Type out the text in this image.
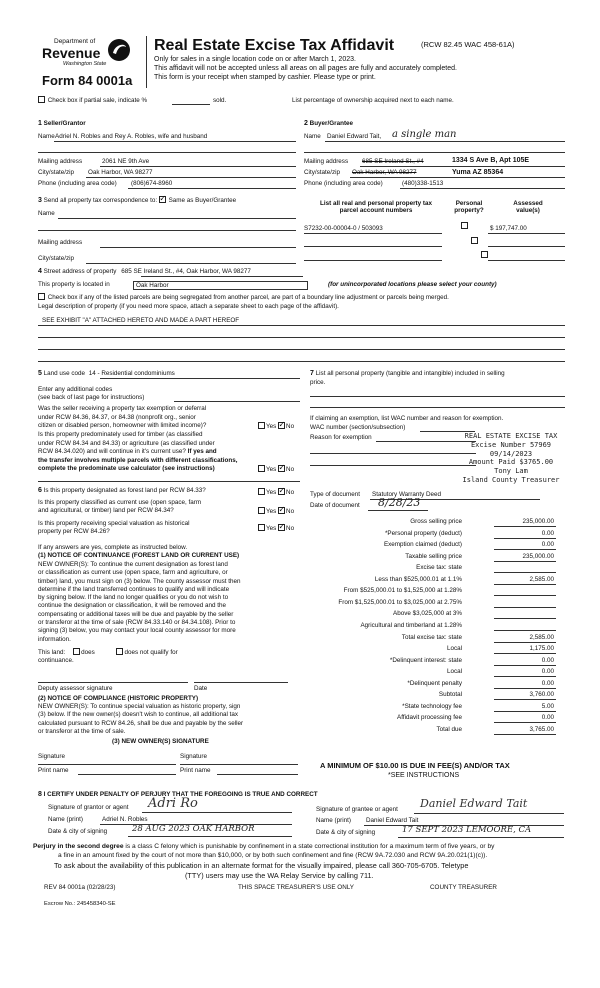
Department of
Revenue
Washington State
Form 84 0001a
Real Estate Excise Tax Affidavit	(RCW 82.45 WAC 458-61A)
Only for sales in a single location code on or after March 1, 2023.
This affidavit will not be accepted unless all areas on all pages are fully and accurately completed.
This form is your receipt when stamped by cashier. Please type or print.
Check box if partial sale, indicate %	sold.	List percentage of ownership acquired next to each name.
1 Seller/Grantor
Name Adriel N. Robles and Rey A. Robles, wife and husband
Mailing address	2061 NE 9th Ave
City/state/zip Oak Harbor, WA 98277
Phone (including area code) (806)674-8960
2 Buyer/Grantee
Name Daniel Edward Tait, a single man
Mailing address 685 SE Ireland St., #4	1334 S Ave B, Apt 105E
City/state/zip Oak Harbor, WA 98277	Yuma AZ 85364
Phone (including area code)	(480)338-1513
3 Send all property tax correspondence to: ✓ Same as Buyer/Grantee
Name
Mailing address
City/state/zip
List all real and personal property tax
parcel account numbers
Personal
property?
Assessed
value(s)
S7232-00-00004-0 / 503093
	$ 197,747.00
4 Street address of property 685 SE Ireland St., #4, Oak Harbor, WA 98277
This property is located in	Oak Harbor	(for unincorporated locations please select your county)
Check box if any of the listed parcels are being segregated from another parcel, are part of a boundary line adjustment or parcels being merged.
Legal description of property (if you need more space, attach a separate sheet to each page of the affidavit).
SEE EXHIBIT "A" ATTACHED HERETO AND MADE A PART HEREOF
5 Land use code 14 - Residential condominiums
Enter any additional codes
(see back of last page for instructions)
Was the seller receiving a property tax exemption or deferral
under RCW 84.36, 84.37, or 84.38 (nonprofit org., senior
citizen or disabled person, homeowner with limited income)?	Yes ✓ No
Is this property predominately used for timber (as classified
under RCW 84.34 and 84.33) or agriculture (as classified under
RCW 84.34.020) and will continue in it's current use? If yes and
the transfer involves multiple parcels with different classifications,
complete the predominate use calculator (see instructions)	Yes ✓ No
6 Is this property designated as forest land per RCW 84.33?	Yes ✓ No
Is this property classified as current use (open space, farm
and agricultural, or timber) land per RCW 84.34?	Yes ✓ No
Is this property receiving special valuation as historical
property per RCW 84.26?	Yes ✓ No
If any answers are yes, complete as instructed below.
(1) NOTICE OF CONTINUANCE (FOREST LAND OR CURRENT USE)
NEW OWNER(S): To continue the current designation as forest land
or classification as current use (open space, farm and agriculture, or
timber) land, you must sign on (3) below. The county assessor must then
determine if the land transferred continues to qualify and will indicate
by signing below. If the land no longer qualifies or you do not wish to
continue the designation or classification, it will be removed and the
compensating or additional taxes will be due and payable by the seller
or transferor at the time of sale (RCW 84.33.140 or 84.34.108). Prior to
signing (3) below, you may contact your local county assessor for more
information.
This land:	does	does not qualify for
continuance.
Deputy assessor signature	Date
(2) NOTICE OF COMPLIANCE (HISTORIC PROPERTY)
NEW OWNER(S): To continue special valuation as historic property, sign
(3) below. If the new owner(s) doesn't wish to continue, all additional tax
calculated pursuant to RCW 84.26, shall be due and payable by the seller
or transferor at the time of sale.
(3) NEW OWNER(S) SIGNATURE
Signature	Signature
Print name	Print name
7 List all personal property (tangible and intangible) included in selling
price.
If claiming an exemption, list WAC number and reason for exemption.
WAC number (section/subsection)
Reason for exemption	REAL ESTATE EXCISE TAX
Excise Number 57969
09/14/2023
Amount Paid $3765.00
Tony Lam
Island County Treasurer
Type of document Statutory Warranty Deed
Date of document 8/28/23
Gross selling price	235,000.00
*Personal property (deduct)	0.00
Exemption claimed (deduct)	0.00
Taxable selling price	235,000.00
Excise tax: state
Less than $525,000.01 at 1.1%	2,585.00
From $525,000.01 to $1,525,000 at 1.28%
From $1,525,000.01 to $3,025,000 at 2.75%
Above $3,025,000 at 3%
Agricultural and timberland at 1.28%
Total excise tax: state	2,585.00
Local	1,175.00
*Delinquent interest: state	0.00
Local	0.00
*Delinquent penalty	0.00
Subtotal	3,760.00
*State technology fee	5.00
Affidavit processing fee	0.00
Total due	3,765.00
A MINIMUM OF $10.00 IS DUE IN FEE(S) AND/OR TAX
*SEE INSTRUCTIONS
8 I CERTIFY UNDER PENALTY OF PERJURY THAT THE FOREGOING IS TRUE AND CORRECT
Signature of grantor or agent Adri Ro
Name (print)	Adriel N. Robles
Date & city of signing	28 AUG 2023 OAK HARBOR
Signature of grantee or agent Daniel Edward Tait
Name (print) Daniel Edward Tait
Date & city of signing	17 SEPT 2023 LEMOORE, CA
Perjury in the second degree is a class C felony which is punishable by confinement in a state correctional institution for a maximum term of five years, or by
a fine in an amount fixed by the court of not more than $10,000, or by both such confinement and fine (RCW 9A.72.030 and RCW 9A.20.021(1)(c)).
To ask about the availability of this publication in an alternate format for the visually impaired, please call 360-705-6705. Teletype
(TTY) users may use the WA Relay Service by calling 711.
REV 84 0001a (02/28/23)	THIS SPACE TREASURER'S USE ONLY	COUNTY TREASURER
Escrow No.: 245458340-SE
